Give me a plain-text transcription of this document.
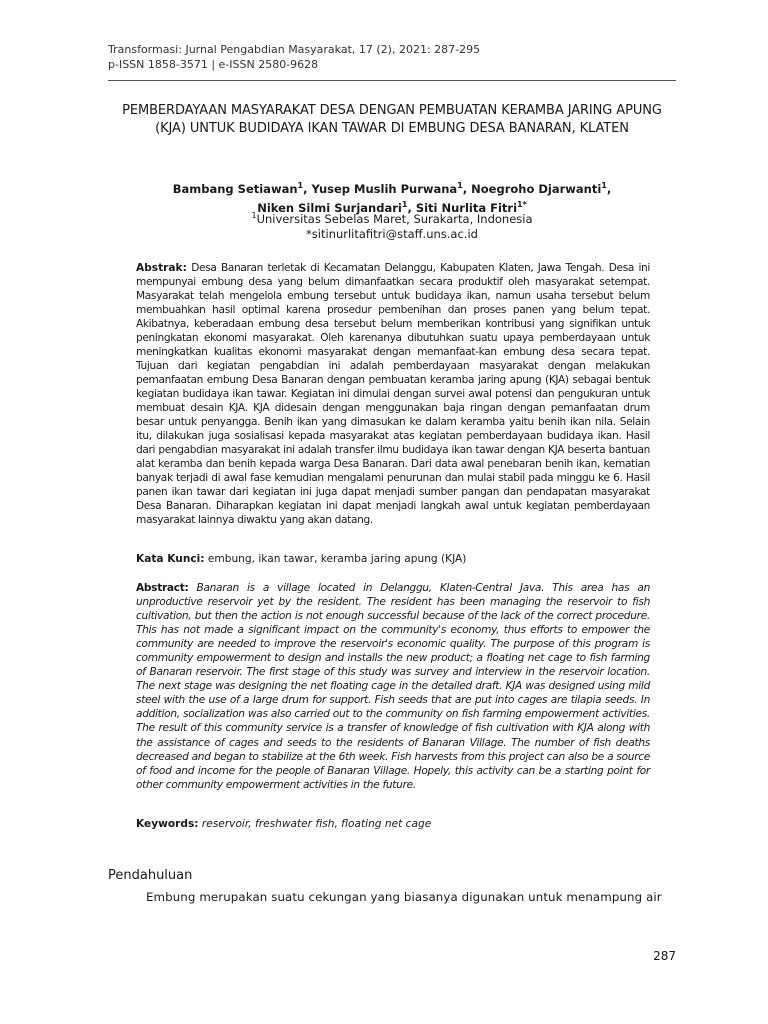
Transformasi: Jurnal Pengabdian Masyarakat, 17 (2), 2021: 287-295
p-ISSN 1858-3571 | e-ISSN 2580-9628
PEMBERDAYAAN MASYARAKAT DESA DENGAN PEMBUATAN KERAMBA JARING APUNG (KJA) UNTUK BUDIDAYA IKAN TAWAR DI EMBUNG DESA BANARAN, KLATEN
Bambang Setiawan$^1$, Yusep Muslih Purwana$^1$, Noegroho Djarwanti$^1$,
Niken Silmi Surjandari$^1$, Siti Nurlita Fitri$^{1*}$
$^1$Universitas Sebelas Maret, Surakarta, Indonesia
*sitinurlitafitri@staff.uns.ac.id
Abstrak: Desa Banaran terletak di Kecamatan Delanggu, Kabupaten Klaten, Jawa Tengah. Desa ini mempunyai embung desa yang belum dimanfaatkan secara produktif oleh masyarakat setempat. Masyarakat telah mengelola embung tersebut untuk budidaya ikan, namun usaha tersebut belum membuahkan hasil optimal karena prosedur pembenihan dan proses panen yang belum tepat. Akibatnya, keberadaan embung desa tersebut belum memberikan kontribusi yang signifikan untuk peningkatan ekonomi masyarakat. Oleh karenanya dibutuhkan suatu upaya pemberdayaan untuk meningkatkan kualitas ekonomi masyarakat dengan memanfaat-kan embung desa secara tepat. Tujuan dari kegiatan pengabdian ini adalah pemberdayaan masyarakat dengan melakukan pemanfaatan embung Desa Banaran dengan pembuatan keramba jaring apung (KJA) sebagai bentuk kegiatan budidaya ikan tawar. Kegiatan ini dimulai dengan survei awal potensi dan pengukuran untuk membuat desain KJA. KJA didesain dengan menggunakan baja ringan dengan pemanfaatan drum besar untuk penyangga. Benih ikan yang dimasukan ke dalam keramba yaitu benih ikan nila. Selain itu, dilakukan juga sosialisasi kepada masyarakat atas kegiatan pemberdayaan budidaya ikan. Hasil dari pengabdian masyarakat ini adalah transfer ilmu budidaya ikan tawar dengan KJA beserta bantuan alat keramba dan benih kepada warga Desa Banaran. Dari data awal penebaran benih ikan, kematian banyak terjadi di awal fase kemudian mengalami penurunan dan mulai stabil pada minggu ke 6. Hasil panen ikan tawar dari kegiatan ini juga dapat menjadi sumber pangan dan pendapatan masyarakat Desa Banaran. Diharapkan kegiatan ini dapat menjadi langkah awal untuk kegiatan pemberdayaan masyarakat lainnya diwaktu yang akan datang.
Kata Kunci: embung, ikan tawar, keramba jaring apung (KJA)
Abstract: Banaran is a village located in Delanggu, Klaten-Central Java. This area has an unproductive reservoir yet by the resident. The resident has been managing the reservoir to fish cultivation, but then the action is not enough successful because of the lack of the correct procedure. This has not made a significant impact on the community's economy, thus efforts to empower the community are needed to improve the reservoir's economic quality. The purpose of this program is community empowerment to design and installs the new product; a floating net cage to fish farming of Banaran reservoir. The first stage of this study was survey and interview in the reservoir location. The next stage was designing the net floating cage in the detailed draft. KJA was designed using mild steel with the use of a large drum for support. Fish seeds that are put into cages are tilapia seeds. In addition, socialization was also carried out to the community on fish farming empowerment activities. The result of this community service is a transfer of knowledge of fish cultivation with KJA along with the assistance of cages and seeds to the residents of Banaran Village. The number of fish deaths decreased and began to stabilize at the 6th week. Fish harvests from this project can also be a source of food and income for the people of Banaran Village. Hopely, this activity can be a starting point for other community empowerment activities in the future.
Keywords: reservoir, freshwater fish, floating net cage
Pendahuluan
Embung merupakan suatu cekungan yang biasanya digunakan untuk menampung air
287
